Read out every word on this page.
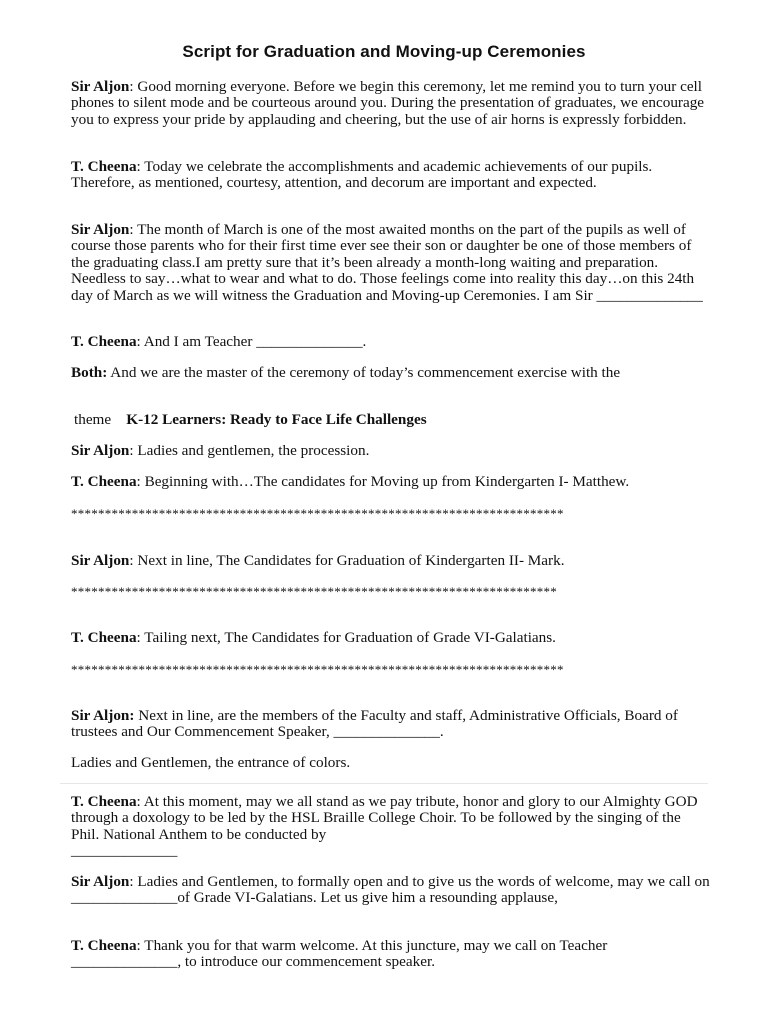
Script for Graduation and Moving-up Ceremonies

Sir Aljon: Good morning everyone. Before we begin this ceremony, let me remind you to turn your cell phones to silent mode and be courteous around you. During the presentation of graduates, we encourage you to express your pride by applauding and cheering, but the use of air horns is expressly forbidden.

T. Cheena: Today we celebrate the accomplishments and academic achievements of our pupils. Therefore, as mentioned, courtesy, attention, and decorum are important and expected.

Sir Aljon: The month of March is one of the most awaited months on the part of the pupils as well of course those parents who for their first time ever see their son or daughter be one of those members of the graduating class.I am pretty sure that it’s been already a month-long waiting and preparation. Needless to say…what to wear and what to do. Those feelings come into reality this day…on this 24th day of March as we will witness the Graduation and Moving-up Ceremonies. I am Sir ______________

T. Cheena: And I am Teacher ______________.

Both: And we are the master of the ceremony of today’s commencement exercise with the

theme K-12 Learners: Ready to Face Life Challenges

Sir Aljon: Ladies and gentlemen, the procession.

T. Cheena: Beginning with…The candidates for Moving up from Kindergarten I- Matthew.

*************************************************************************

Sir Aljon: Next in line, The Candidates for Graduation of Kindergarten II- Mark.

************************************************************************

T. Cheena: Tailing next, The Candidates for Graduation of Grade VI-Galatians.

*************************************************************************

Sir Aljon: Next in line, are the members of the Faculty and staff, Administrative Officials, Board of trustees and Our Commencement Speaker, ______________.

Ladies and Gentlemen, the entrance of colors.

T. Cheena: At this moment, may we all stand as we pay tribute, honor and glory to our Almighty GOD through a doxology to be led by the HSL Braille College Choir. To be followed by the singing of the Phil. National Anthem to be conducted by

______________

Sir Aljon: Ladies and Gentlemen, to formally open and to give us the words of welcome, may we call on ______________of Grade VI-Galatians. Let us give him a resounding applause,

T. Cheena: Thank you for that warm welcome. At this juncture, may we call on Teacher ______________, to introduce our commencement speaker.
